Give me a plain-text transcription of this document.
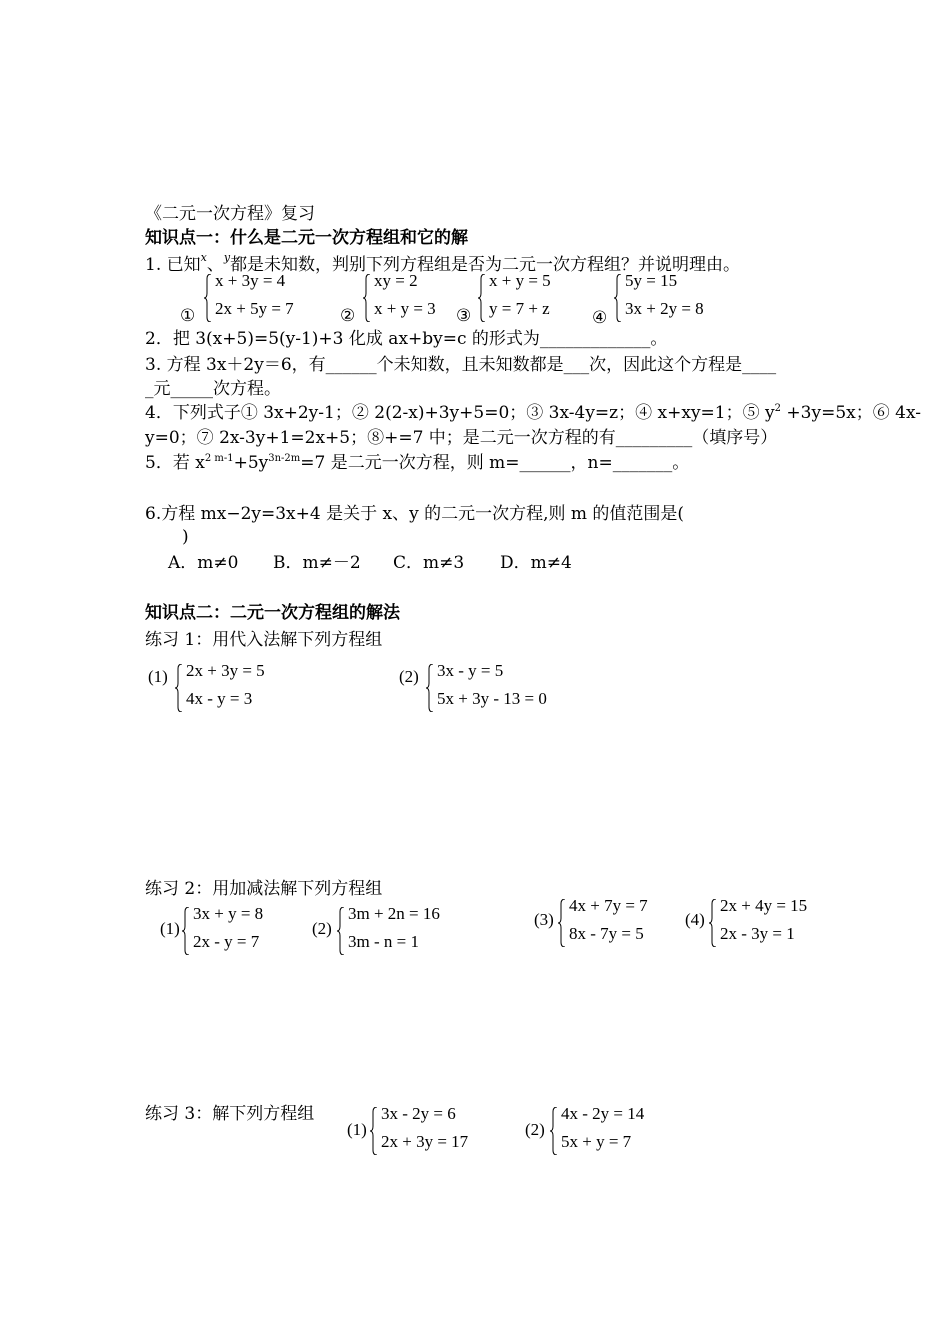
《二元一次方程》复习
知识点一：什么是二元一次方程组和它的解
1. 已知$^x$、$^y$都是未知数，判别下列方程组是否为二元一次方程组？并说明理由。
①
x + 3y = 4
2x + 5y = 7	②
xy = 2
x + y = 3 ③
x + y = 5
y = 7 + z ④
5y = 15
3x + 2y = 8
2．把 3(x+5)=5(y-1)+3 化成 ax+by=c 的形式为_____________。
3. 方程 3x＋2y＝6，有______个未知数，且未知数都是___次，因此这个方程是____
_元_____次方程。
4．下列式子① 3x+2y-1；② 2(2-x)+3y+5=0；③ 3x-4y=z；④ x+xy=1；⑤ $y^2 +3y=5x$；⑥ 4x-
y=0；⑦ 2x-3y+1=2x+5；⑧+=7 中；是二元一次方程的有_________（填序号）
5．若 $x^{2 m-1}+5y^{3n-2m}=7$ 是二元一次方程，则 m=______，n=_______。
6.方程 mx−2y=3x+4 是关于 x、y 的二元一次方程,则 m 的值范围是(
)
A．m≠0 B．m≠－2 C．m≠3 D．m≠4
知识点二：二元一次方程组的解法
练习 1：用代入法解下列方程组
(1) 2x + 3y = 5
4x - y = 3
(2) 3x - y = 5
5x + 3y - 13 = 0
练习 2：用加减法解下列方程组
(1)
3x + y = 8
2x - y = 7
(2)
3m + 2n = 16
3m - n = 1
(3)
4x + 7y = 7
8x - 7y = 5
(4)
2x + 4y = 15
2x - 3y = 1
练习 3：解下列方程组
(1)
3x - 2y = 6
2x + 3y = 17
(2)
4x - 2y = 14
5x + y = 7
